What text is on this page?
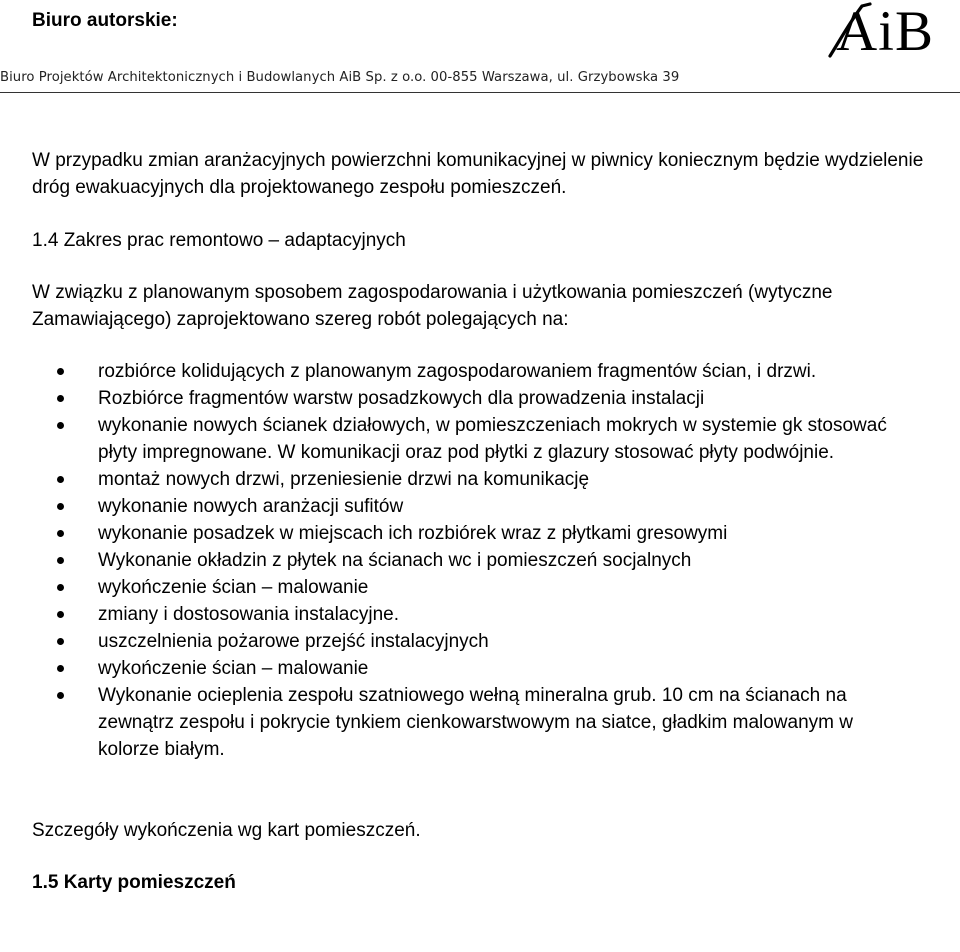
Biuro autorskie:	AiB
Biuro Projektów Architektonicznych i Budowlanych AiB Sp. z o.o. 00-855 Warszawa, ul. Grzybowska 39

W przypadku zmian aranżacyjnych powierzchni komunikacyjnej w piwnicy koniecznym będzie wydzielenie dróg ewakuacyjnych dla projektowanego zespołu pomieszczeń.

1.4 Zakres prac remontowo – adaptacyjnych

W związku z planowanym sposobem zagospodarowania i użytkowania pomieszczeń (wytyczne Zamawiającego) zaprojektowano szereg robót polegających na:

rozbiórce kolidujących z planowanym zagospodarowaniem fragmentów ścian, i drzwi.
Rozbiórce fragmentów warstw posadzkowych dla prowadzenia instalacji
wykonanie nowych ścianek działowych, w pomieszczeniach mokrych w systemie gk stosować płyty impregnowane. W komunikacji oraz pod płytki z glazury stosować płyty podwójnie.
montaż nowych drzwi, przeniesienie drzwi na komunikację
wykonanie nowych aranżacji sufitów
wykonanie posadzek w miejscach ich rozbiórek wraz z płytkami gresowymi
Wykonanie okładzin z płytek na ścianach wc i pomieszczeń socjalnych
wykończenie ścian – malowanie
zmiany i dostosowania instalacyjne.
uszczelnienia pożarowe przejść instalacyjnych
wykończenie ścian – malowanie
Wykonanie ocieplenia zespołu szatniowego wełną mineralna grub. 10 cm na ścianach na zewnątrz zespołu i pokrycie tynkiem cienkowarstwowym na siatce, gładkim malowanym w kolorze białym.

Szczegóły wykończenia wg kart pomieszczeń.

1.5 Karty pomieszczeń
